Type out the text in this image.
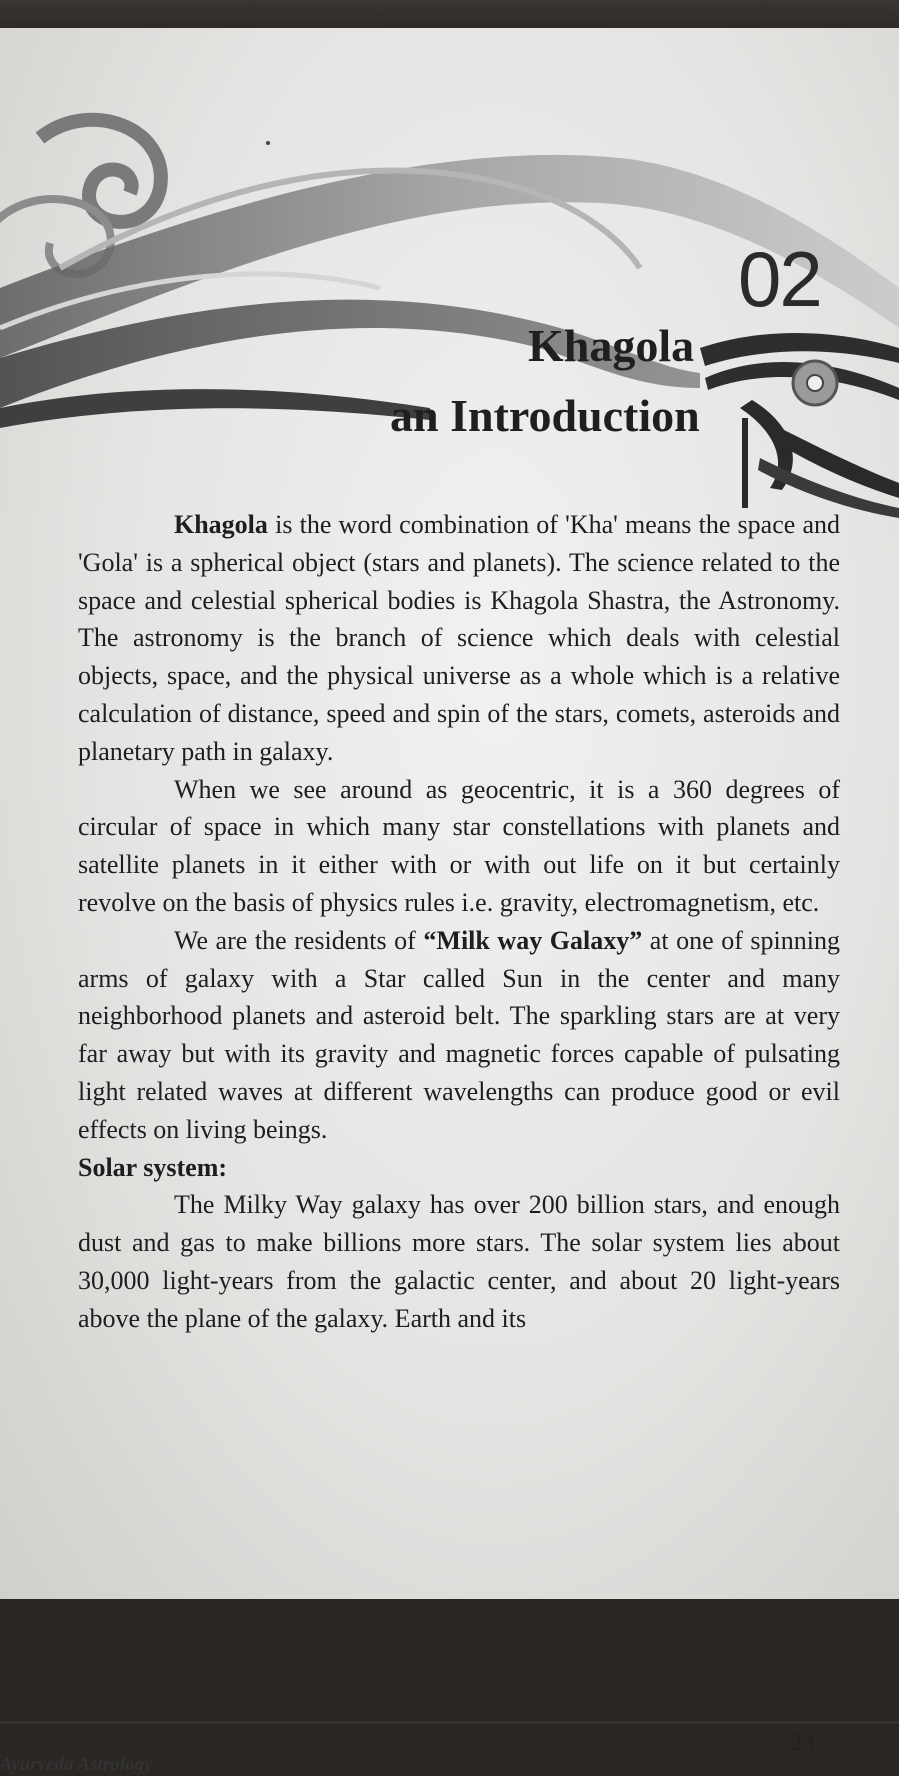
02
Khagola
an Introduction

Khagola is the word combination of 'Kha' means the space and 'Gola' is a spherical object (stars and planets). The science related to the space and celestial spherical bodies is Khagola Shastra, the Astronomy. The astronomy is the branch of science which deals with celestial objects, space, and the physical universe as a whole which is a relative calculation of distance, speed and spin of the stars, comets, asteroids and planetary path in galaxy.

When we see around as geocentric, it is a 360 degrees of circular of space in which many star constellations with planets and satellite planets in it either with or with out life on it but certainly revolve on the basis of physics rules i.e. gravity, electromagnetism, etc.

We are the residents of “Milk way Galaxy” at one of spinning arms of galaxy with a Star called Sun in the center and many neighborhood planets and asteroid belt. The sparkling stars are at very far away but with its gravity and magnetic forces capable of pulsating light related waves at different wavelengths can produce good or evil effects on living beings.

Solar system:

The Milky Way galaxy has over 200 billion stars, and enough dust and gas to make billions more stars. The solar system lies about 30,000 light-years from the galactic center, and about 20 light-years above the plane of the galaxy. Earth and its

23
Ayurveda Astrology
